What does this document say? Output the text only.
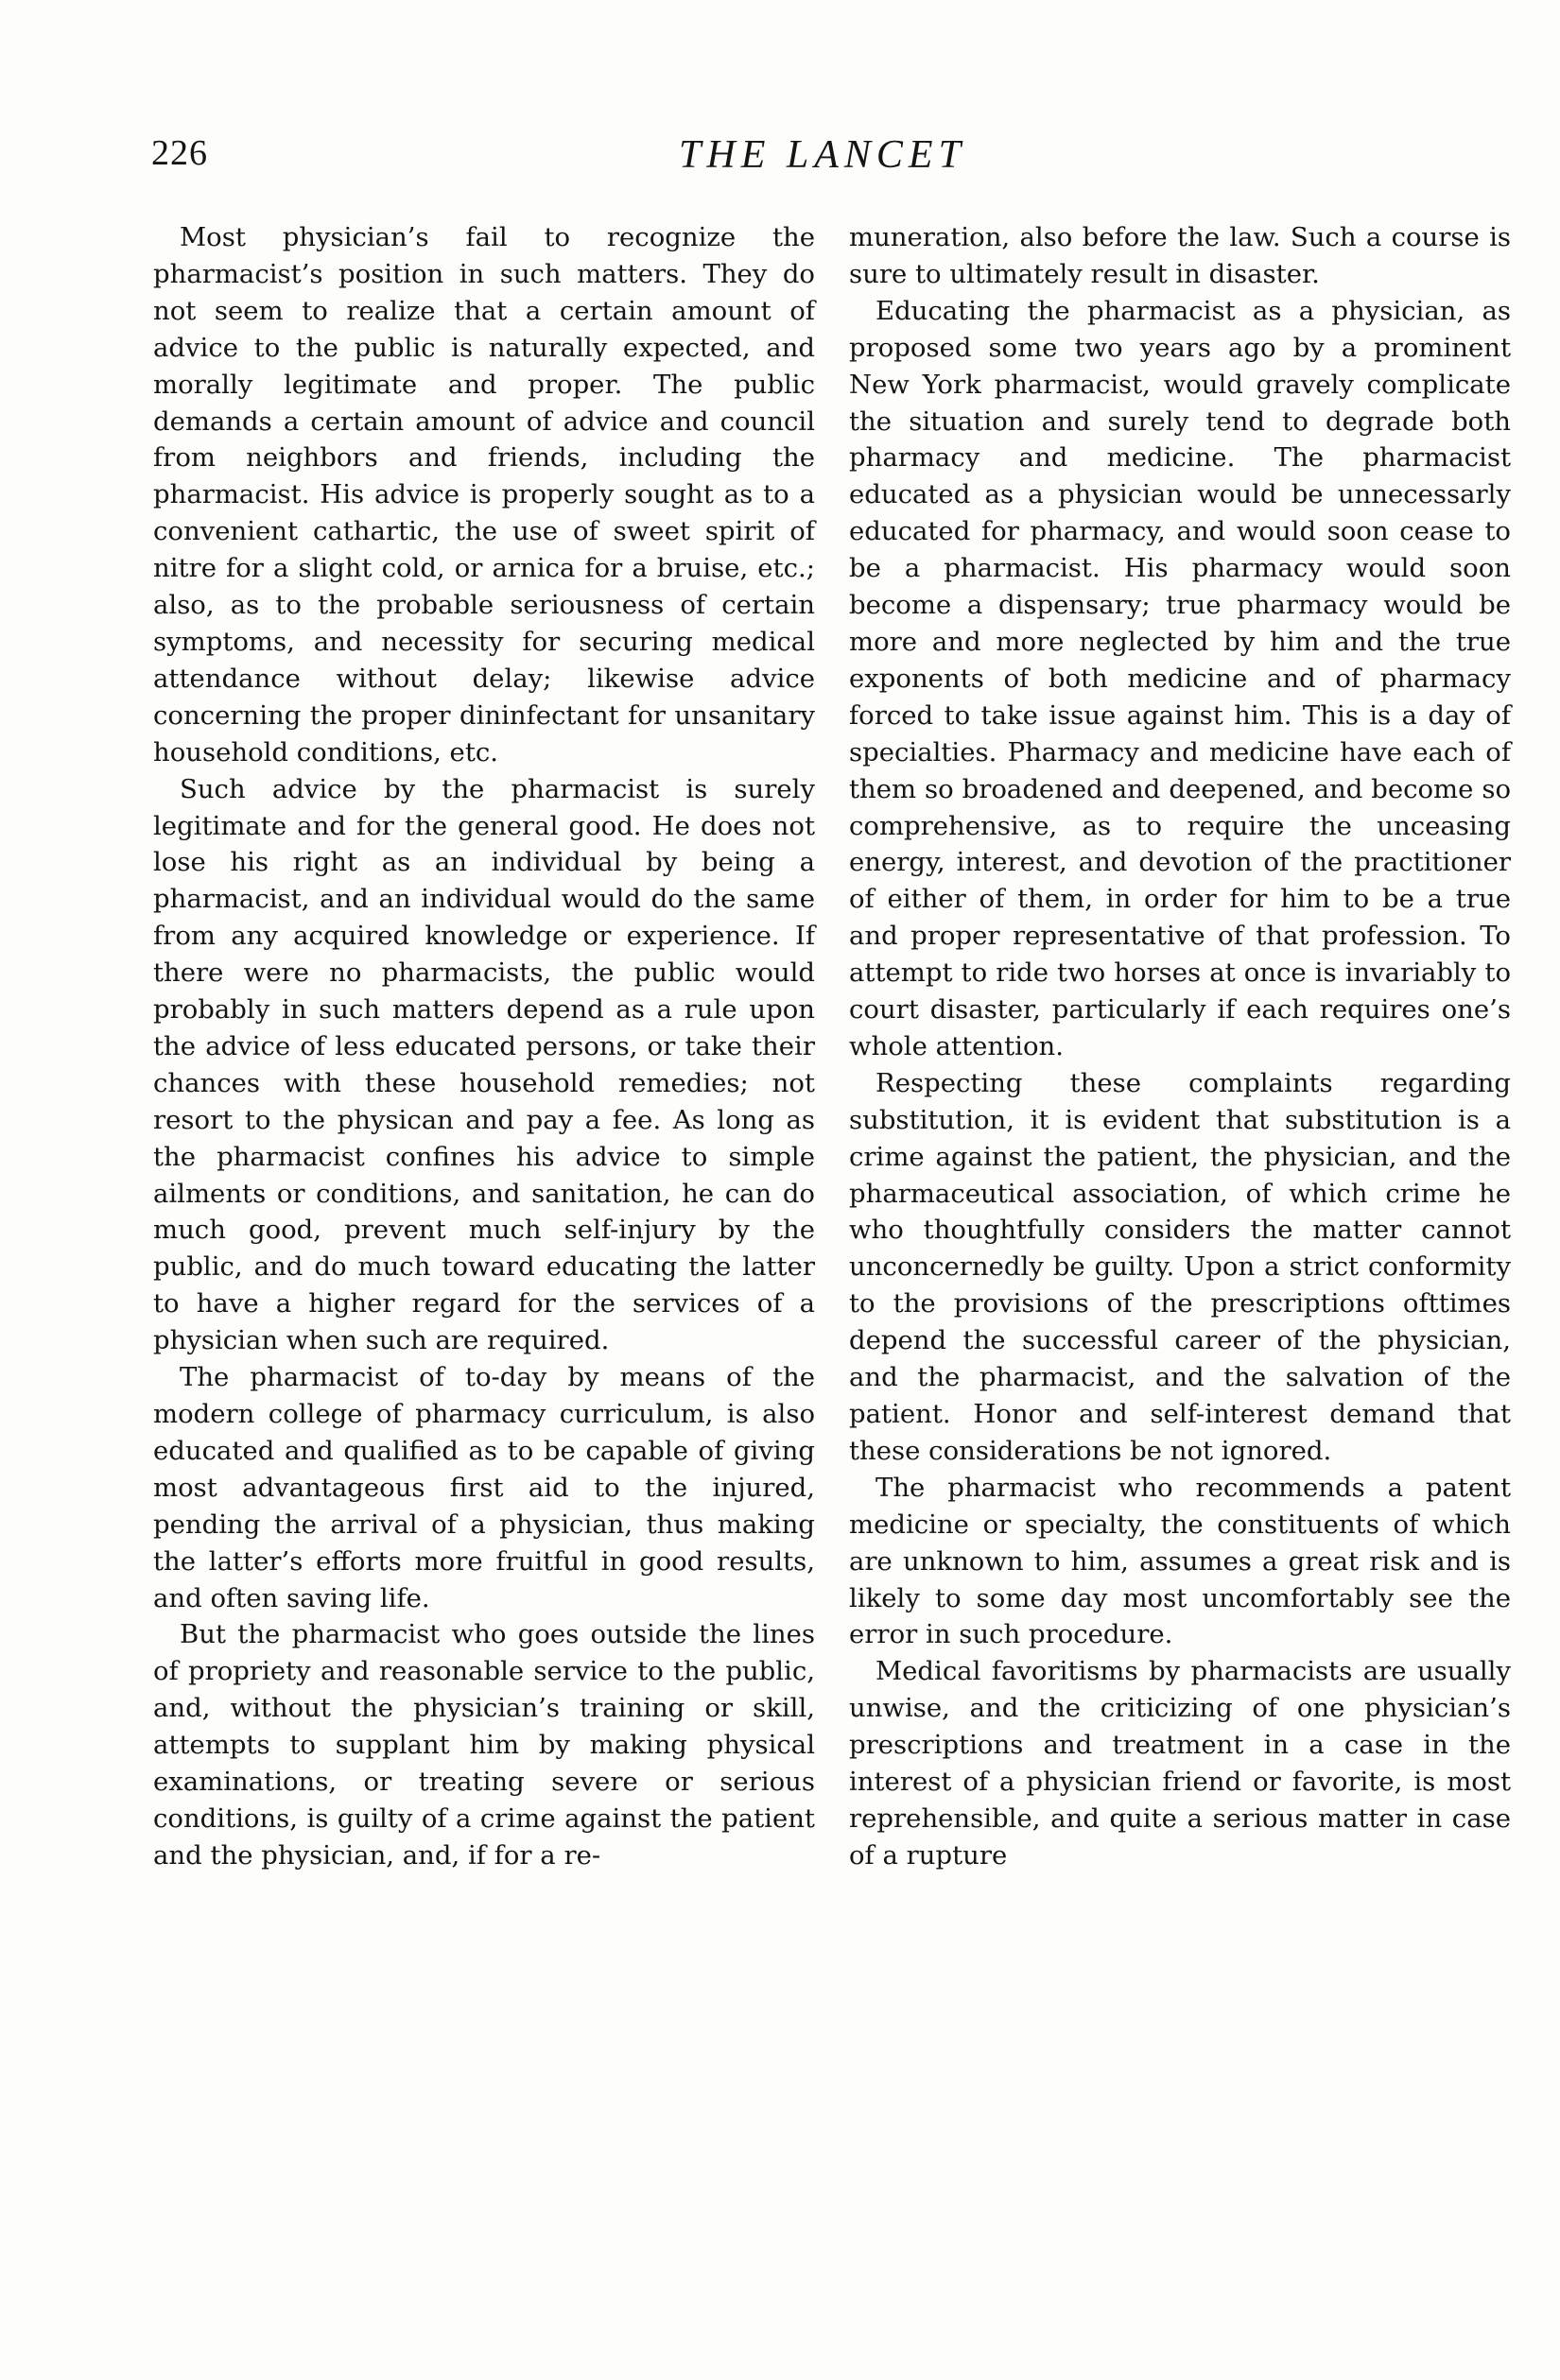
226	THE LANCET

Most physician’s fail to recognize the pharmacist’s position in such matters. They do not seem to realize that a certain amount of advice to the public is naturally expected, and morally legitimate and proper. The public demands a certain amount of advice and council from neighbors and friends, including the pharmacist. His advice is properly sought as to a convenient cathartic, the use of sweet spirit of nitre for a slight cold, or arnica for a bruise, etc.; also, as to the probable seriousness of certain symptoms, and necessity for securing medical attendance without delay; likewise advice concerning the proper dininfectant for unsanitary household conditions, etc.

Such advice by the pharmacist is surely legitimate and for the general good. He does not lose his right as an individual by being a pharmacist, and an individual would do the same from any acquired knowledge or experience. If there were no pharmacists, the public would probably in such matters depend as a rule upon the advice of less educated persons, or take their chances with these household remedies; not resort to the physican and pay a fee. As long as the pharmacist confines his advice to simple ailments or conditions, and sanitation, he can do much good, prevent much self-injury by the public, and do much toward educating the latter to have a higher regard for the services of a physician when such are required.

The pharmacist of to-day by means of the modern college of pharmacy curriculum, is also educated and qualified as to be capable of giving most advantageous first aid to the injured, pending the arrival of a physician, thus making the latter’s efforts more fruitful in good results, and often saving life.

But the pharmacist who goes outside the lines of propriety and reasonable service to the public, and, without the physician’s training or skill, attempts to supplant him by making physical examinations, or treating severe or serious conditions, is guilty of a crime against the patient and the physician, and, if for a re-

muneration, also before the law. Such a course is sure to ultimately result in disaster.

Educating the pharmacist as a physician, as proposed some two years ago by a prominent New York pharmacist, would gravely complicate the situation and surely tend to degrade both pharmacy and medicine. The pharmacist educated as a physician would be unnecessarly educated for pharmacy, and would soon cease to be a pharmacist. His pharmacy would soon become a dispensary; true pharmacy would be more and more neglected by him and the true exponents of both medicine and of pharmacy forced to take issue against him. This is a day of specialties. Pharmacy and medicine have each of them so broadened and deepened, and become so comprehensive, as to require the unceasing energy, interest, and devotion of the practitioner of either of them, in order for him to be a true and proper representative of that profession. To attempt to ride two horses at once is invariably to court disaster, particularly if each requires one’s whole attention.

Respecting these complaints regarding substitution, it is evident that substitution is a crime against the patient, the physician, and the pharmaceutical association, of which crime he who thoughtfully considers the matter cannot unconcernedly be guilty. Upon a strict conformity to the provisions of the prescriptions ofttimes depend the successful career of the physician, and the pharmacist, and the salvation of the patient. Honor and self-interest demand that these considerations be not ignored.

The pharmacist who recommends a patent medicine or specialty, the constituents of which are unknown to him, assumes a great risk and is likely to some day most uncomfortably see the error in such procedure.

Medical favoritisms by pharmacists are usually unwise, and the criticizing of one physician’s prescriptions and treatment in a case in the interest of a physician friend or favorite, is most reprehensible, and quite a serious matter in case of a rupture
